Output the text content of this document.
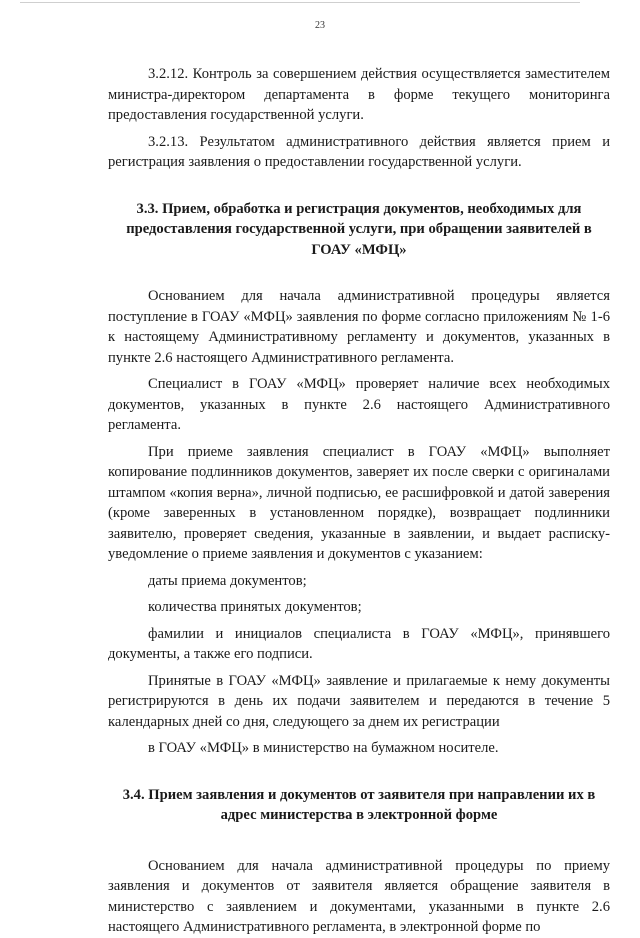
23

3.2.12. Контроль за совершением действия осуществляется заместителем министра-директором департамента в форме текущего мониторинга предоставления государственной услуги.

3.2.13. Результатом административного действия является прием и регистрация заявления о предоставлении государственной услуги.

3.3. Прием, обработка и регистрация документов, необходимых для предоставления государственной услуги, при обращении заявителей в ГОАУ «МФЦ»

Основанием для начала административной процедуры является поступление в ГОАУ «МФЦ» заявления по форме согласно приложениям № 1-6 к настоящему Административному регламенту и документов, указанных в пункте 2.6 настоящего Административного регламента.

Специалист в ГОАУ «МФЦ» проверяет наличие всех необходимых документов, указанных в пункте 2.6 настоящего Административного регламента.

При приеме заявления специалист в ГОАУ «МФЦ» выполняет копирование подлинников документов, заверяет их после сверки с оригиналами штампом «копия верна», личной подписью, ее расшифровкой и датой заверения (кроме заверенных в установленном порядке), возвращает подлинники заявителю, проверяет сведения, указанные в заявлении, и выдает расписку-уведомление о приеме заявления и документов с указанием:

даты приема документов;

количества принятых документов;

фамилии и инициалов специалиста в ГОАУ «МФЦ», принявшего документы, а также его подписи.

Принятые в ГОАУ «МФЦ» заявление и прилагаемые к нему документы регистрируются в день их подачи заявителем и передаются в течение 5 календарных дней со дня, следующего за днем их регистрации

в ГОАУ «МФЦ» в министерство на бумажном носителе.

3.4. Прием заявления и документов от заявителя при направлении их в адрес министерства в электронной форме

Основанием для начала административной процедуры по приему заявления и документов от заявителя является обращение заявителя в министерство с заявлением и документами, указанными в пункте 2.6 настоящего Административного регламента, в электронной форме по
